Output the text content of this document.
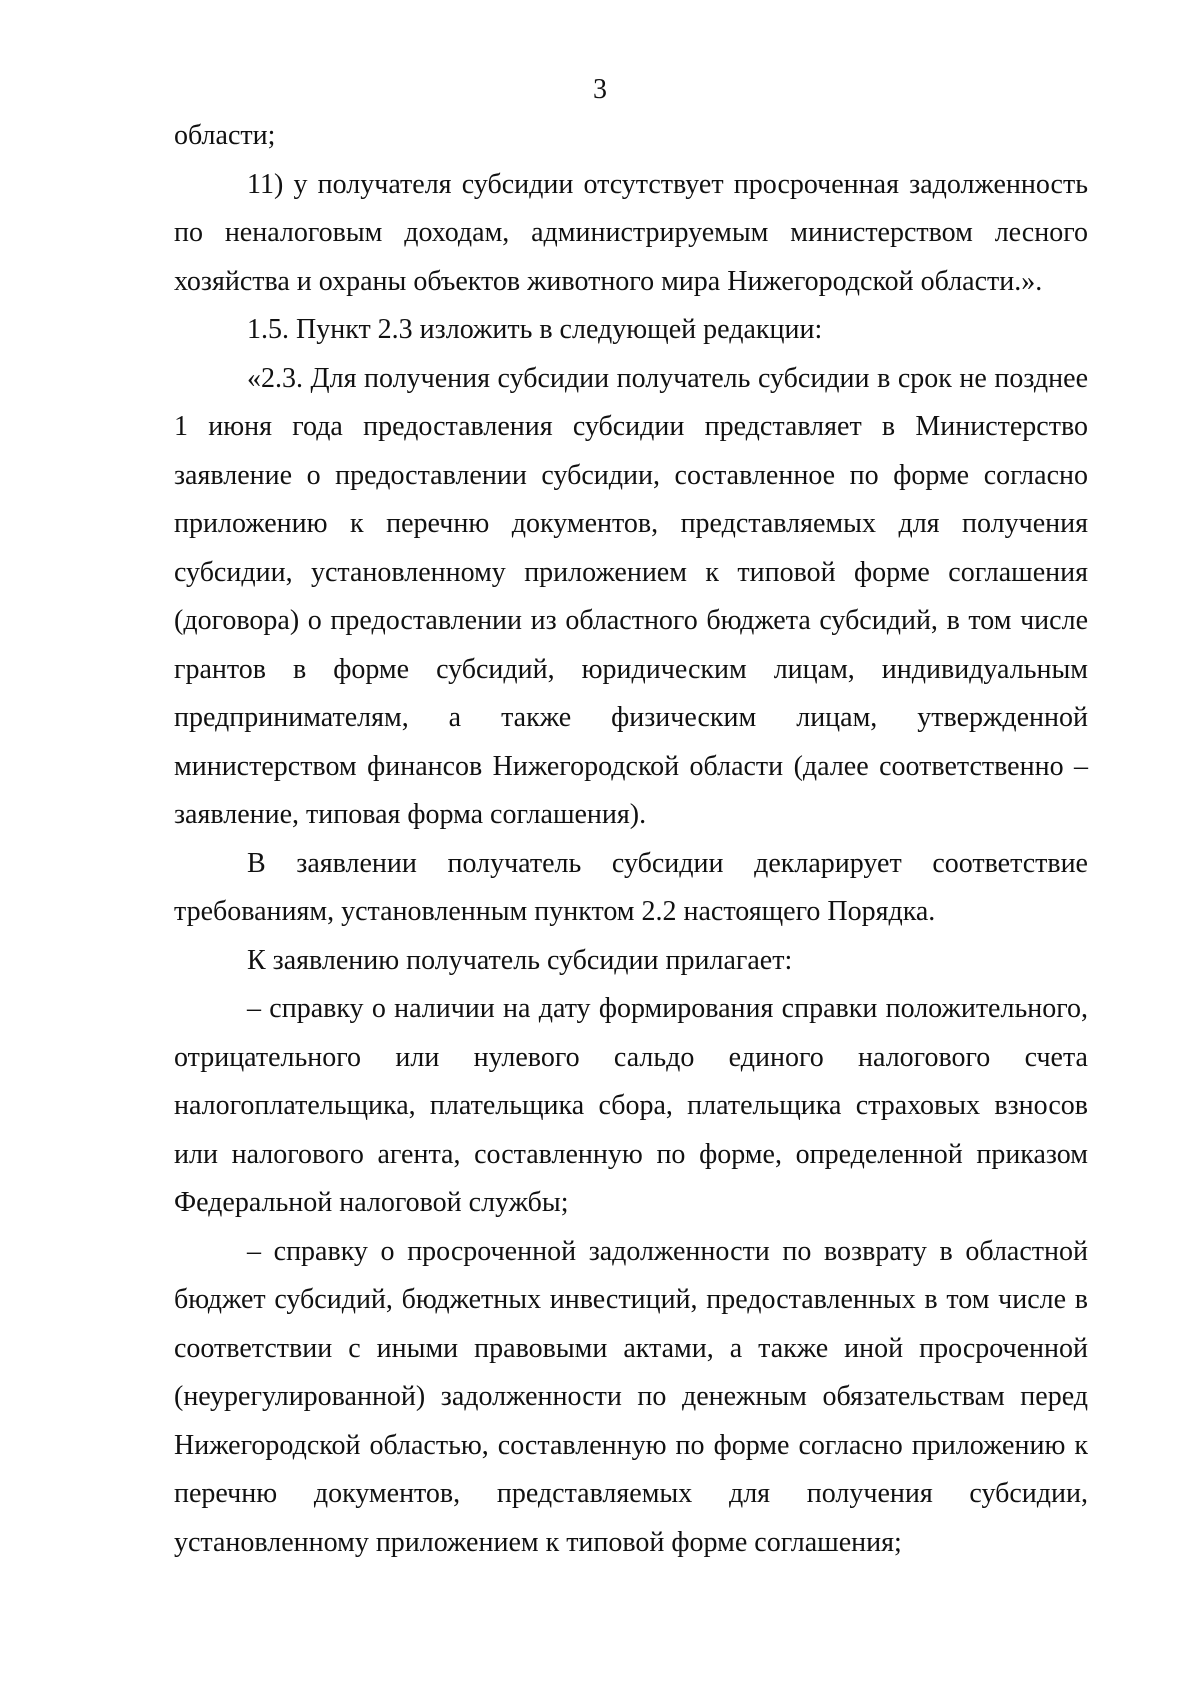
3

области;

11) у получателя субсидии отсутствует просроченная задолженность по неналоговым доходам, администрируемым министерством лесного хозяйства и охраны объектов животного мира Нижегородской области.».

1.5. Пункт 2.3 изложить в следующей редакции:

«2.3. Для получения субсидии получатель субсидии в срок не позднее 1 июня года предоставления субсидии представляет в Министерство заявление о предоставлении субсидии, составленное по форме согласно приложению к перечню документов, представляемых для получения субсидии, установленному приложением к типовой форме соглашения (договора) о предоставлении из областного бюджета субсидий, в том числе грантов в форме субсидий, юридическим лицам, индивидуальным предпринимателям, а также физическим лицам, утвержденной министерством финансов Нижегородской области (далее соответственно – заявление, типовая форма соглашения).

В заявлении получатель субсидии декларирует соответствие требованиям, установленным пунктом 2.2 настоящего Порядка.

К заявлению получатель субсидии прилагает:

– справку о наличии на дату формирования справки положительного, отрицательного или нулевого сальдо единого налогового счета налогоплательщика, плательщика сбора, плательщика страховых взносов или налогового агента, составленную по форме, определенной приказом Федеральной налоговой службы;

– справку о просроченной задолженности по возврату в областной бюджет субсидий, бюджетных инвестиций, предоставленных в том числе в соответствии с иными правовыми актами, а также иной просроченной (неурегулированной) задолженности по денежным обязательствам перед Нижегородской областью, составленную по форме согласно приложению к перечню документов, представляемых для получения субсидии, установленному приложением к типовой форме соглашения;
